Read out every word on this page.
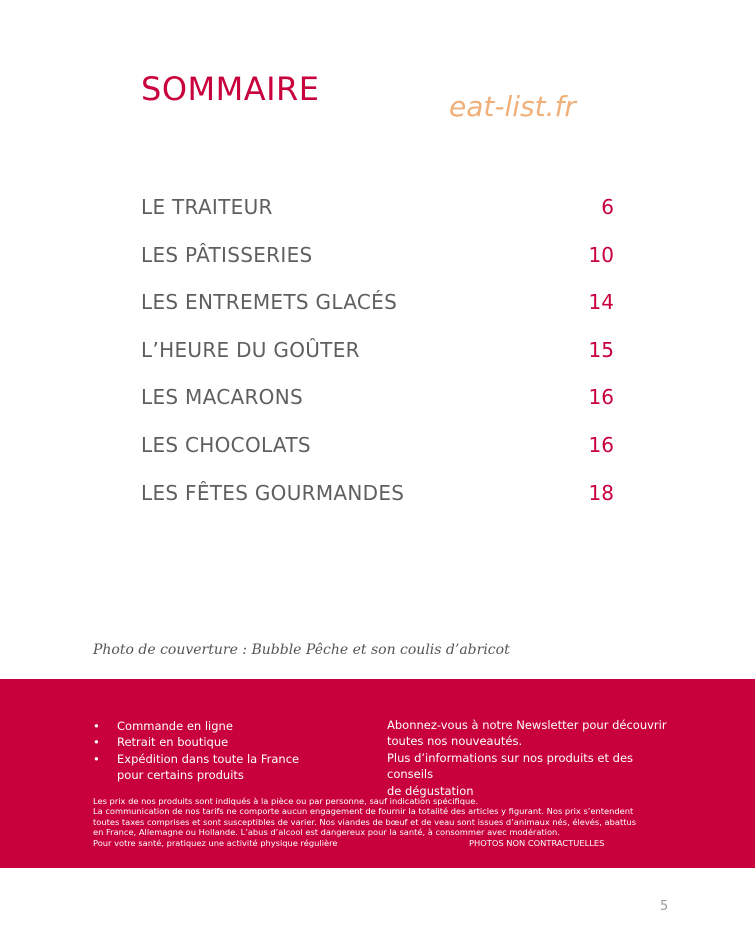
SOMMAIRE	eat-list.fr
LE TRAITEUR	6
LES PÂTISSERIES	10
LES ENTREMETS GLACÉS	14
L’HEURE DU GOÛTER	15
LES MACARONS	16
LES CHOCOLATS	16
LES FÊTES GOURMANDES	18
Photo de couverture : Bubble Pêche et son coulis d’abricot
• Commande en ligne
• Retrait en boutique
• Expédition dans toute la France
pour certains produits

Abonnez-vous à notre Newsletter pour découvrir

toutes nos nouveautés.

Plus d’informations sur nos produits et des conseils

de dégustation

Les prix de nos produits sont indiqués à la pièce ou par personne, sauf indication spécifique.

La communication de nos tarifs ne comporte aucun engagement de fournir la totalité des articles y figurant. Nos prix s’entendent

toutes taxes comprises et sont susceptibles de varier. Nos viandes de bœuf et de veau sont issues d’animaux nés, élevés, abattus

en France, Allemagne ou Hollande. L’abus d’alcool est dangereux pour la santé, à consommer avec modération.

Pour votre santé, pratiquez une activité physique régulière	PHOTOS NON CONTRACTUELLES

5
